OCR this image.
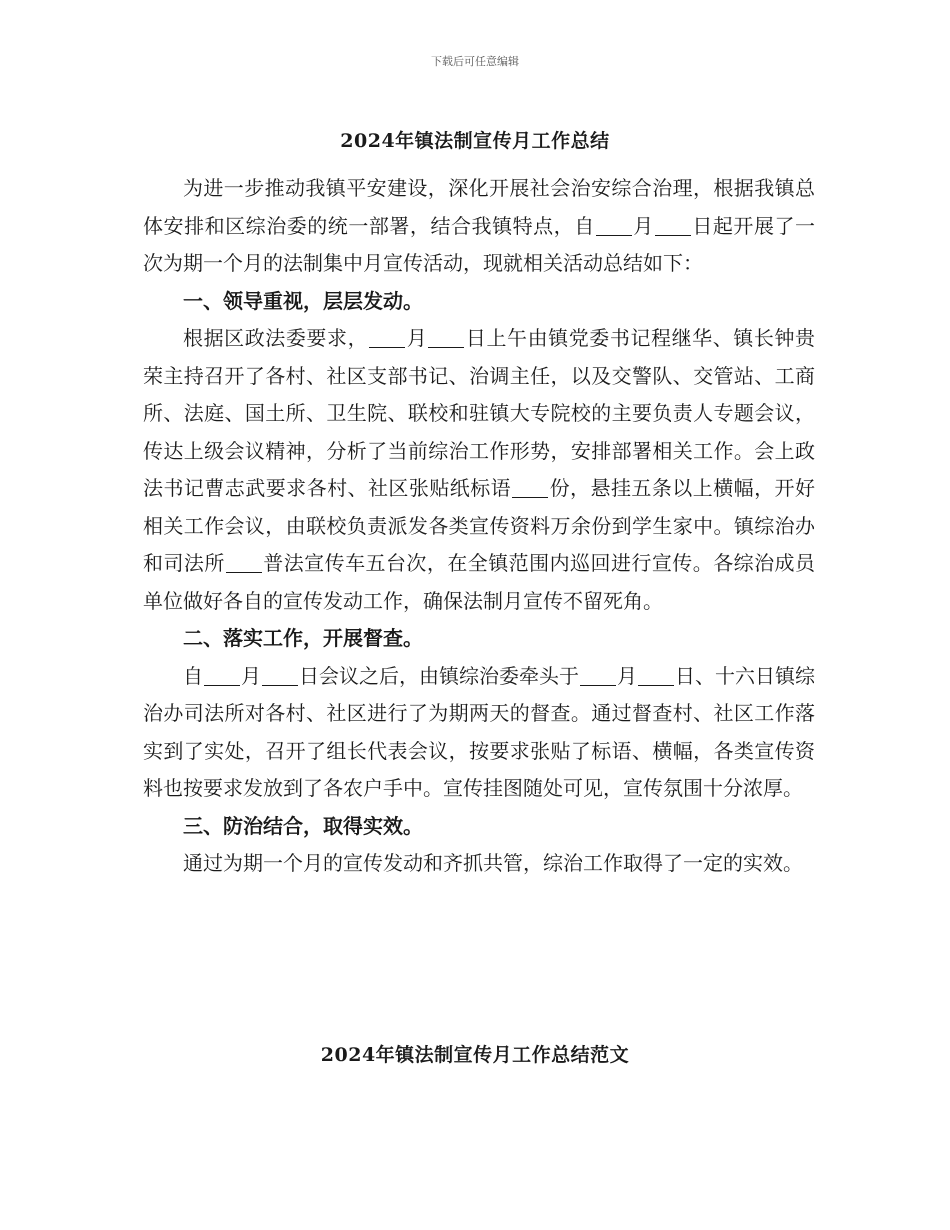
下载后可任意编辑
2024年镇法制宣传月工作总结

为进一步推动我镇平安建设，深化开展社会治安综合治理，根据我镇总体安排和区综治委的统一部署，结合我镇特点，自 月 日起开展了一次为期一个月的法制集中月宣传活动，现就相关活动总结如下：

一、领导重视，层层发动。

根据区政法委要求， 月 日上午由镇党委书记程继华、镇长钟贵荣主持召开了各村、社区支部书记、治调主任，以及交警队、交管站、工商所、法庭、国土所、卫生院、联校和驻镇大专院校的主要负责人专题会议，传达上级会议精神，分析了当前综治工作形势，安排部署相关工作。会上政法书记曹志武要求各村、社区张贴纸标语 份，悬挂五条以上横幅，开好相关工作会议，由联校负责派发各类宣传资料万余份到学生家中。镇综治办和司法所 普法宣传车五台次，在全镇范围内巡回进行宣传。各综治成员单位做好各自的宣传发动工作，确保法制月宣传不留死角。

二、落实工作，开展督查。

自 月 日会议之后，由镇综治委牵头于 月 日、十六日镇综治办司法所对各村、社区进行了为期两天的督查。通过督查村、社区工作落实到了实处，召开了组长代表会议，按要求张贴了标语、横幅，各类宣传资料也按要求发放到了各农户手中。宣传挂图随处可见，宣传氛围十分浓厚。

三、防治结合，取得实效。

通过为期一个月的宣传发动和齐抓共管，综治工作取得了一定的实效。

2024年镇法制宣传月工作总结范文
